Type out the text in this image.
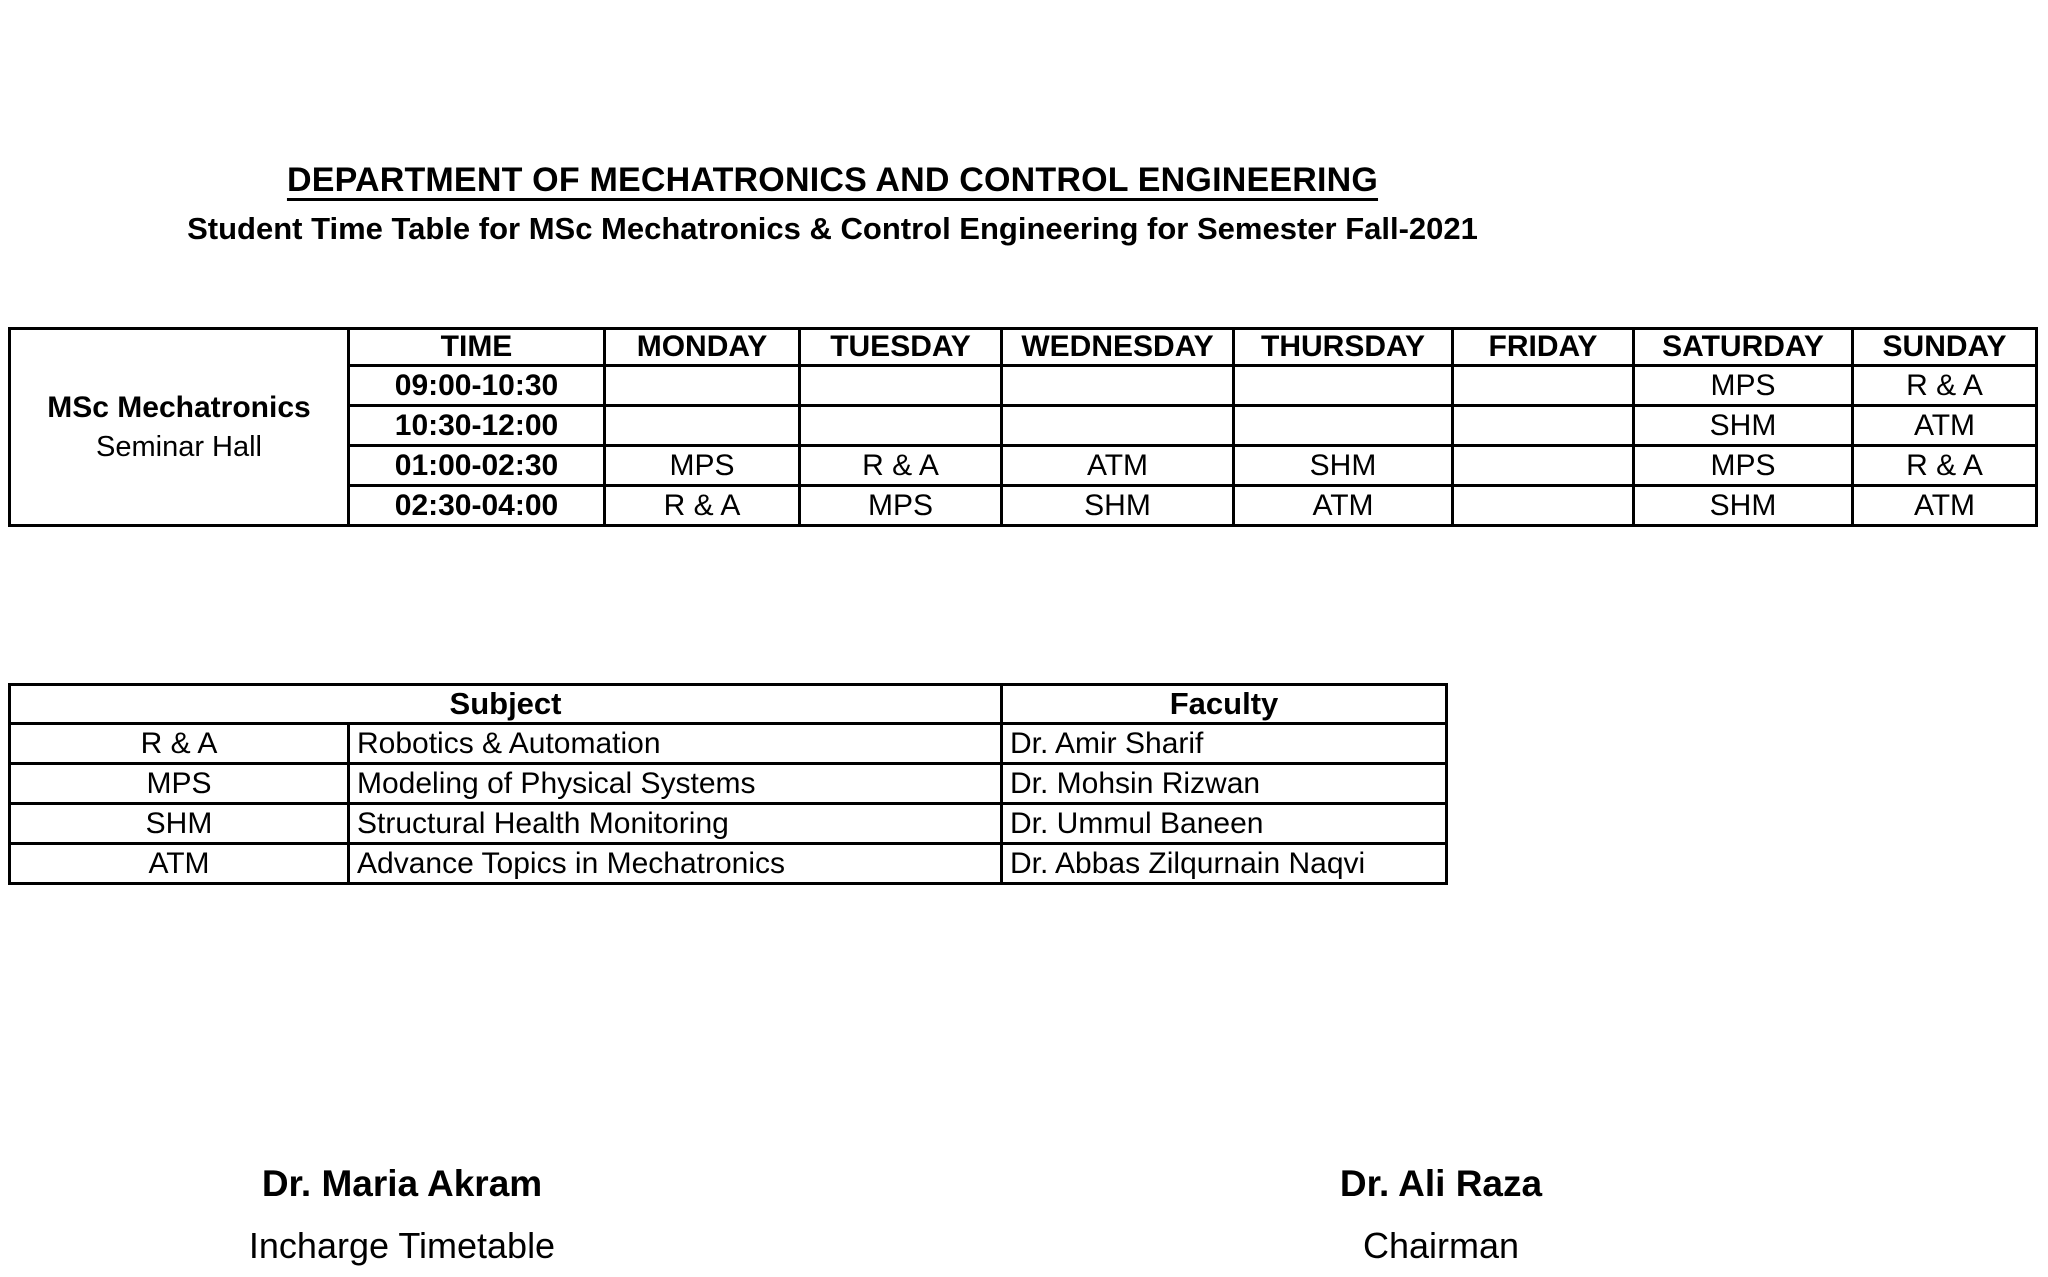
DEPARTMENT OF MECHATRONICS AND CONTROL ENGINEERING
Student Time Table for MSc Mechatronics & Control Engineering for Semester Fall-2021
MSc Mechatronics
Seminar Hall	TIME	MONDAY	TUESDAY	WEDNESDAY	THURSDAY	FRIDAY	SATURDAY	SUNDAY
	09:00-10:30						MPS	R & A
	10:30-12:00						SHM	ATM
	01:00-02:30	MPS	R & A	ATM	SHM		MPS	R & A
	02:30-04:00	R & A	MPS	SHM	ATM		SHM	ATM
Subject		Faculty
R & A	Robotics & Automation	Dr. Amir Sharif
MPS	Modeling of Physical Systems	Dr. Mohsin Rizwan
SHM	Structural Health Monitoring	Dr. Ummul Baneen
ATM	Advance Topics in Mechatronics	Dr. Abbas Zilqurnain Naqvi
Dr. Maria Akram
Incharge Timetable
Dr. Ali Raza
Chairman
